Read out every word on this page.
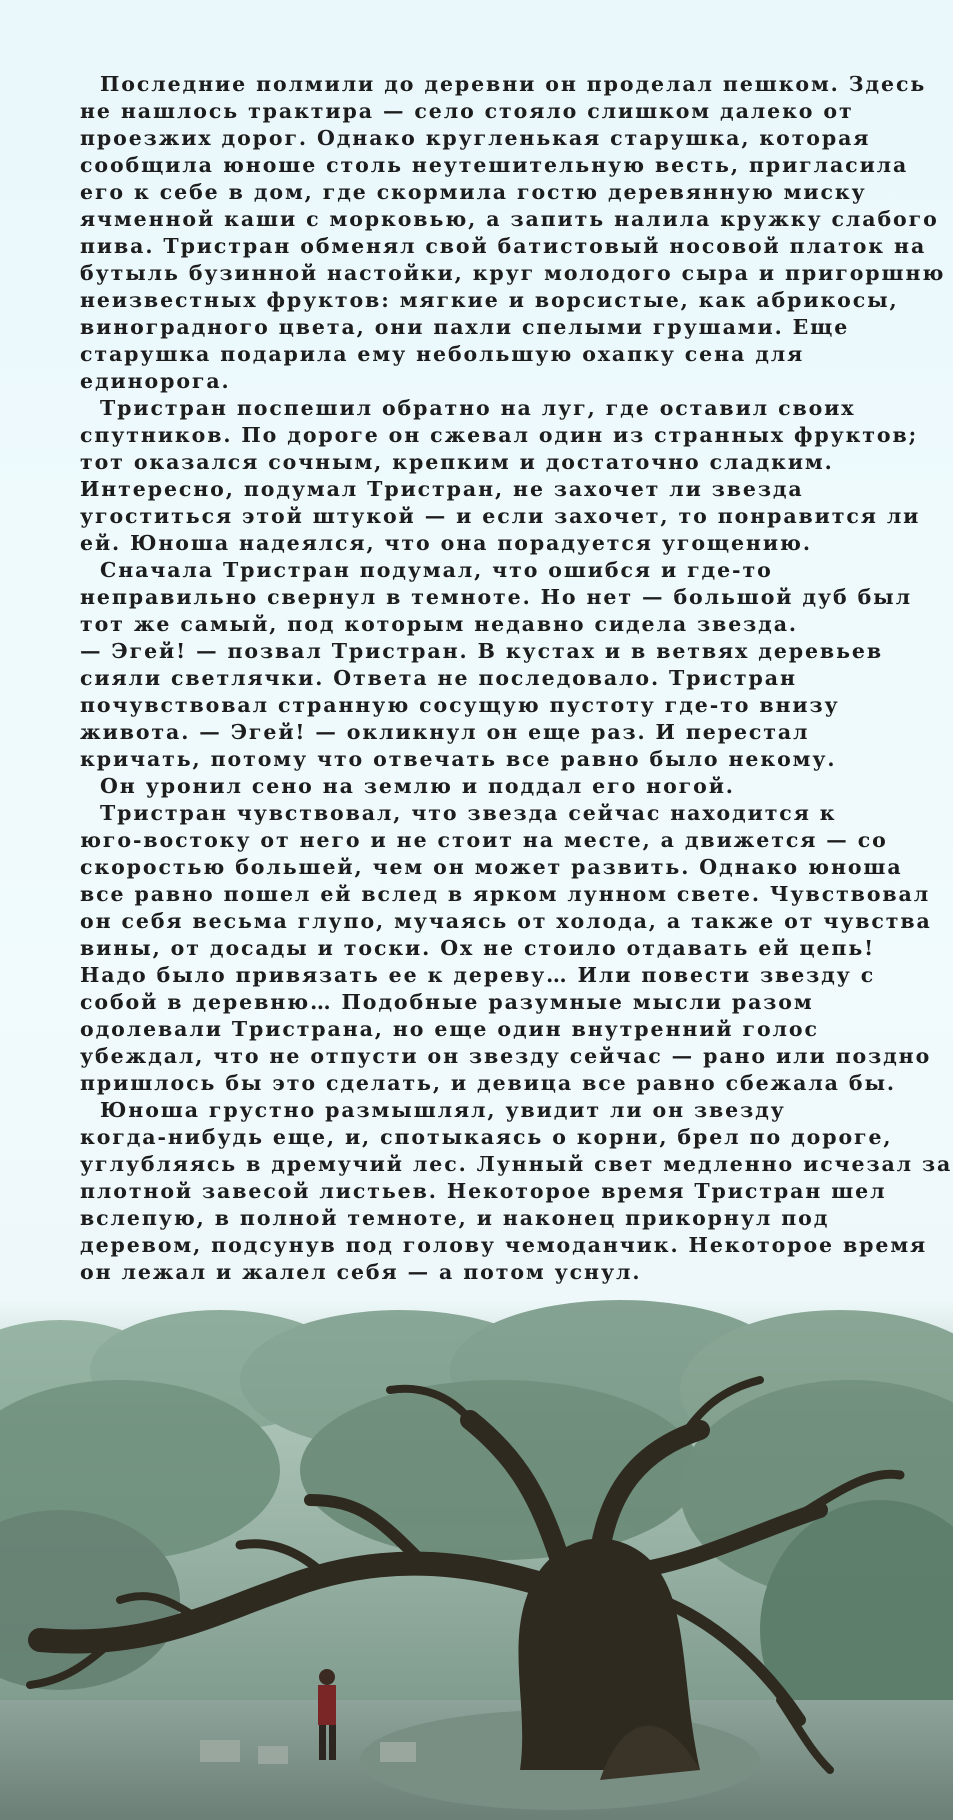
Последние полмили до деревни он проделал пешком. Здесь
не нашлось трактира — село стояло слишком далеко от
проезжих дорог. Однако кругленькая старушка, которая
сообщила юноше столь неутешительную весть, пригласила
его к себе в дом, где скормила гостю деревянную миску
ячменной каши с морковью, а запить налила кружку слабого
пива. Тристран обменял свой батистовый носовой платок на
бутыль бузинной настойки, круг молодого сыра и пригоршню
неизвестных фруктов: мягкие и ворсистые, как абрикосы,
виноградного цвета, они пахли спелыми грушами. Еще
старушка подарила ему небольшую охапку сена для
единорога.
Тристран поспешил обратно на луг, где оставил своих
спутников. По дороге он сжевал один из странных фруктов;
тот оказался сочным, крепким и достаточно сладким.
Интересно, подумал Тристран, не захочет ли звезда
угоститься этой штукой — и если захочет, то понравится ли
ей. Юноша надеялся, что она порадуется угощению.
Сначала Тристран подумал, что ошибся и где-то
неправильно свернул в темноте. Но нет — большой дуб был
тот же самый, под которым недавно сидела звезда.
— Эгей! — позвал Тристран. В кустах и в ветвях деревьев
сияли светлячки. Ответа не последовало. Тристран
почувствовал странную сосущую пустоту где-то внизу
живота. — Эгей! — окликнул он еще раз. И перестал
кричать, потому что отвечать все равно было некому.
Он уронил сено на землю и поддал его ногой.
Тристран чувствовал, что звезда сейчас находится к
юго-востоку от него и не стоит на месте, а движется — со
скоростью большей, чем он может развить. Однако юноша
все равно пошел ей вслед в ярком лунном свете. Чувствовал
он себя весьма глупо, мучаясь от холода, а также от чувства
вины, от досады и тоски. Ох не стоило отдавать ей цепь!
Надо было привязать ее к дереву… Или повести звезду с
собой в деревню… Подобные разумные мысли разом
одолевали Тристрана, но еще один внутренний голос
убеждал, что не отпусти он звезду сейчас — рано или поздно
пришлось бы это сделать, и девица все равно сбежала бы.
Юноша грустно размышлял, увидит ли он звезду
когда-нибудь еще, и, спотыкаясь о корни, брел по дороге,
углубляясь в дремучий лес. Лунный свет медленно исчезал за
плотной завесой листьев. Некоторое время Тристран шел
вслепую, в полной темноте, и наконец прикорнул под
деревом, подсунув под голову чемоданчик. Некоторое время
он лежал и жалел себя — а потом уснул.
